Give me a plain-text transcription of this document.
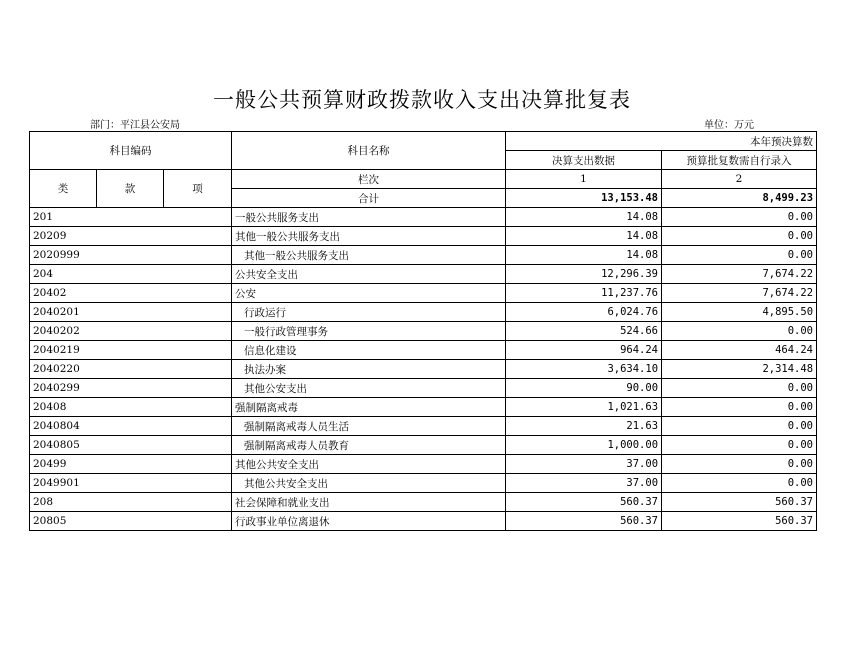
一般公共预算财政拨款收入支出决算批复表
部门：平江县公安局	单位：万元
科目编码			科目名称	本年预决算数	
				决算支出数据	预算批复数需自行录入
类	款	项	栏次	1	2
			合计	13,153.48	8,499.23
201			一般公共服务支出	14.08	0.00
20209			其他一般公共服务支出	14.08	0.00
2020999			其他一般公共服务支出	14.08	0.00
204			公共安全支出	12,296.39	7,674.22
20402			公安	11,237.76	7,674.22
2040201			行政运行	6,024.76	4,895.50
2040202			一般行政管理事务	524.66	0.00
2040219			信息化建设	964.24	464.24
2040220			执法办案	3,634.10	2,314.48
2040299			其他公安支出	90.00	0.00
20408			强制隔离戒毒	1,021.63	0.00
2040804			强制隔离戒毒人员生活	21.63	0.00
2040805			强制隔离戒毒人员教育	1,000.00	0.00
20499			其他公共安全支出	37.00	0.00
2049901			其他公共安全支出	37.00	0.00
208			社会保障和就业支出	560.37	560.37
20805			行政事业单位离退休	560.37	560.37
